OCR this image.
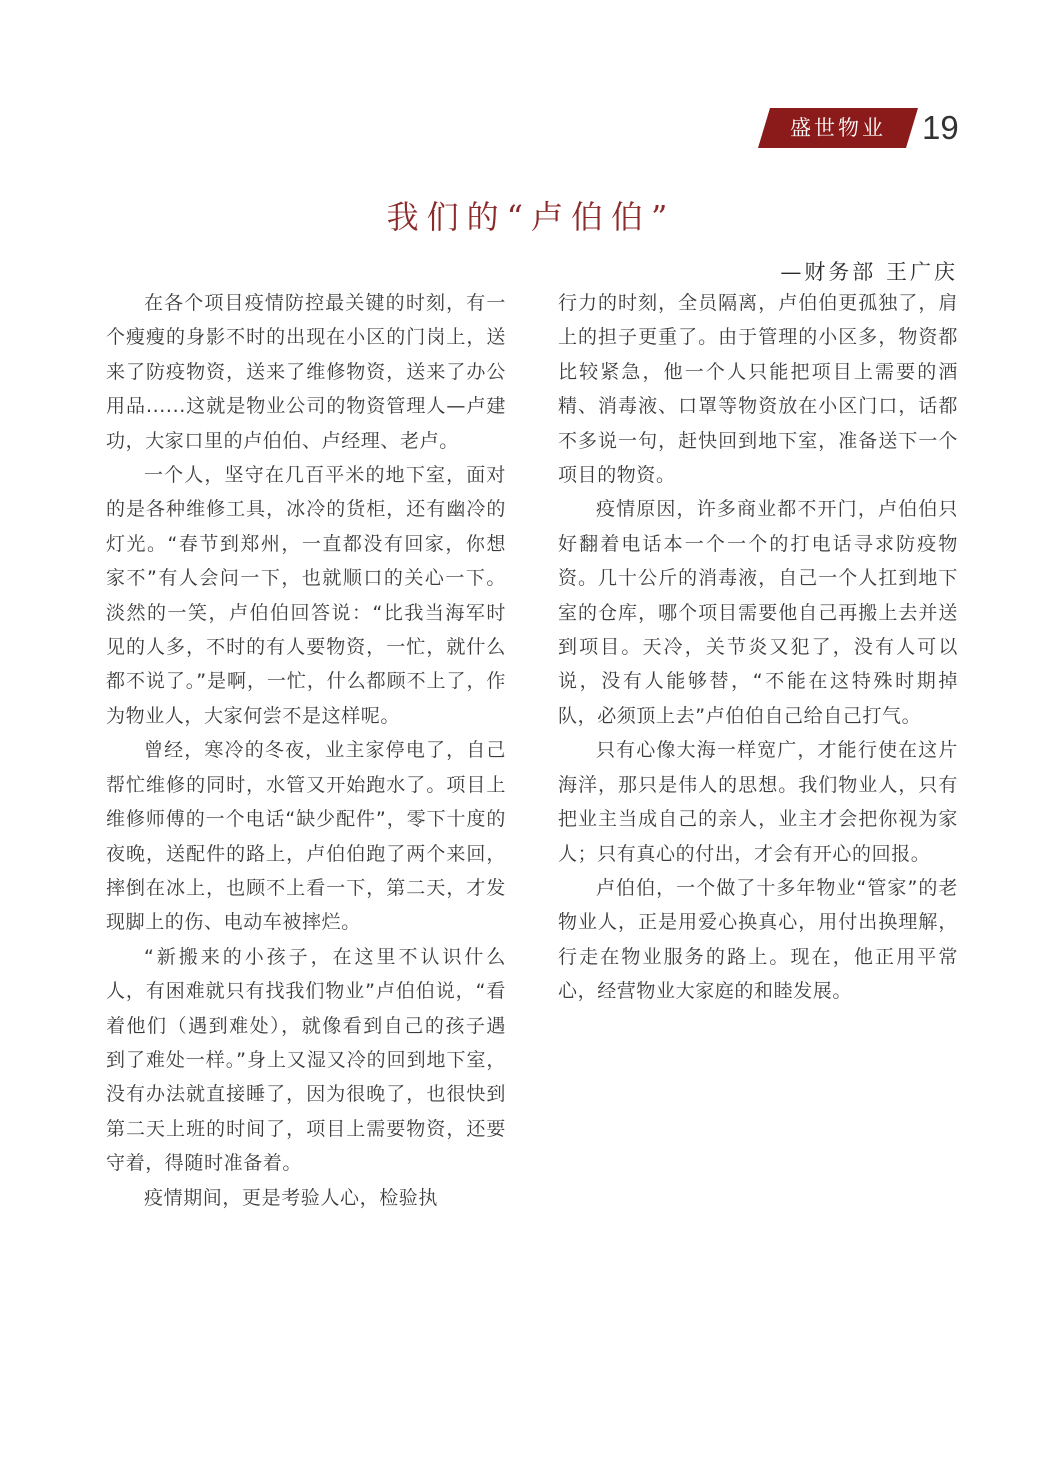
盛世物业	19
我们的“卢伯伯”
—财务部 王广庆

在各个项目疫情防控最关键的时刻，有一个瘦瘦的身影不时的出现在小区的门岗上，送来了防疫物资，送来了维修物资，送来了办公用品......这就是物业公司的物资管理人—卢建功，大家口里的卢伯伯、卢经理、老卢。

一个人，坚守在几百平米的地下室，面对的是各种维修工具，冰冷的货柜，还有幽冷的灯光。“春节到郑州，一直都没有回家，你想家不”有人会问一下，也就顺口的关心一下。淡然的一笑，卢伯伯回答说：“比我当海军时见的人多，不时的有人要物资，一忙，就什么都不说了。”是啊，一忙，什么都顾不上了，作为物业人，大家何尝不是这样呢。

曾经，寒冷的冬夜，业主家停电了，自己帮忙维修的同时，水管又开始跑水了。项目上维修师傅的一个电话“缺少配件”，零下十度的夜晚，送配件的路上，卢伯伯跑了两个来回，摔倒在冰上，也顾不上看一下，第二天，才发现脚上的伤、电动车被摔烂。

“新搬来的小孩子，在这里不认识什么人，有困难就只有找我们物业”卢伯伯说，“看着他们（遇到难处），就像看到自己的孩子遇到了难处一样。”身上又湿又冷的回到地下室，没有办法就直接睡了，因为很晚了，也很快到第二天上班的时间了，项目上需要物资，还要守着，得随时准备着。

疫情期间，更是考验人心，检验执

行力的时刻，全员隔离，卢伯伯更孤独了，肩上的担子更重了。由于管理的小区多，物资都比较紧急，他一个人只能把项目上需要的酒精、消毒液、口罩等物资放在小区门口，话都不多说一句，赶快回到地下室，准备送下一个项目的物资。

疫情原因，许多商业都不开门，卢伯伯只好翻着电话本一个一个的打电话寻求防疫物资。几十公斤的消毒液，自己一个人扛到地下室的仓库，哪个项目需要他自己再搬上去并送到项目。天冷，关节炎又犯了，没有人可以说，没有人能够替，“不能在这特殊时期掉队，必须顶上去”卢伯伯自己给自己打气。

只有心像大海一样宽广，才能行使在这片海洋，那只是伟人的思想。我们物业人，只有把业主当成自己的亲人，业主才会把你视为家人；只有真心的付出，才会有开心的回报。

卢伯伯，一个做了十多年物业“管家”的老物业人，正是用爱心换真心，用付出换理解，行走在物业服务的路上。现在，他正用平常心，经营物业大家庭的和睦发展。
